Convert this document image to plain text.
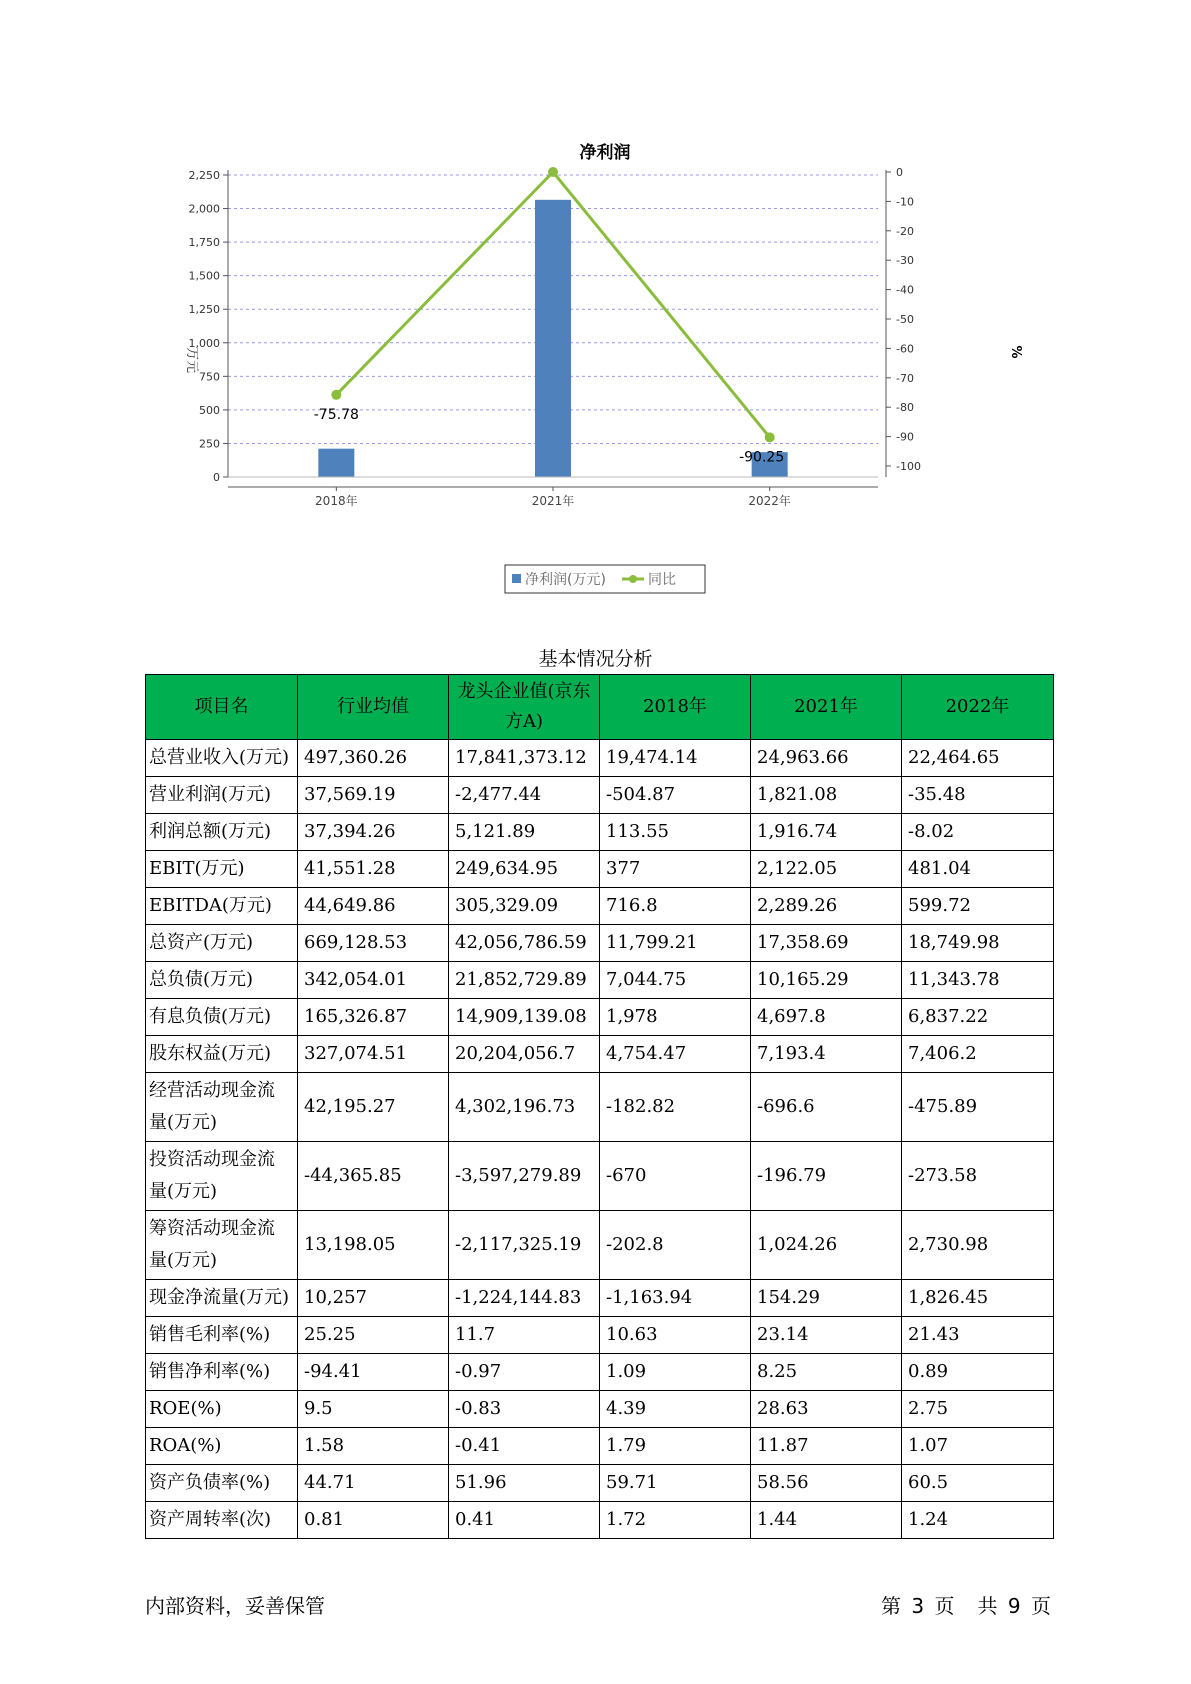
净利润
0
250
500
750
1,000
1,250
1,500
1,750
2,000
2,250	0
-10
-20
-30
-40
-50
-60
-70
-80
-90
-100
2018年	2021年	2022年
-75.78
-90.25
万元	%
净利润(万元)	同比
基本情况分析
项目名	行业均值	龙头企业值(京东方A)	2018年	2021年	2022年
总营业收入(万元)	497,360.26	17,841,373.12	19,474.14	24,963.66	22,464.65
营业利润(万元)	37,569.19	-2,477.44	-504.87	1,821.08	-35.48
利润总额(万元)	37,394.26	5,121.89	113.55	1,916.74	-8.02
EBIT(万元)	41,551.28	249,634.95	377	2,122.05	481.04
EBITDA(万元)	44,649.86	305,329.09	716.8	2,289.26	599.72
总资产(万元)	669,128.53	42,056,786.59	11,799.21	17,358.69	18,749.98
总负债(万元)	342,054.01	21,852,729.89	7,044.75	10,165.29	11,343.78
有息负债(万元)	165,326.87	14,909,139.08	1,978	4,697.8	6,837.22
股东权益(万元)	327,074.51	20,204,056.7	4,754.47	7,193.4	7,406.2
经营活动现金流量(万元)	42,195.27	4,302,196.73	-182.82	-696.6	-475.89
投资活动现金流量(万元)	-44,365.85	-3,597,279.89	-670	-196.79	-273.58
筹资活动现金流量(万元)	13,198.05	-2,117,325.19	-202.8	1,024.26	2,730.98
现金净流量(万元)	10,257	-1,224,144.83	-1,163.94	154.29	1,826.45
销售毛利率(%)	25.25	11.7	10.63	23.14	21.43
销售净利率(%)	-94.41	-0.97	1.09	8.25	0.89
ROE(%)	9.5	-0.83	4.39	28.63	2.75
ROA(%)	1.58	-0.41	1.79	11.87	1.07
资产负债率(%)	44.71	51.96	59.71	58.56	60.5
资产周转率(次)	0.81	0.41	1.72	1.44	1.24
内部资料，妥善保管	第 3 页 共 9 页
